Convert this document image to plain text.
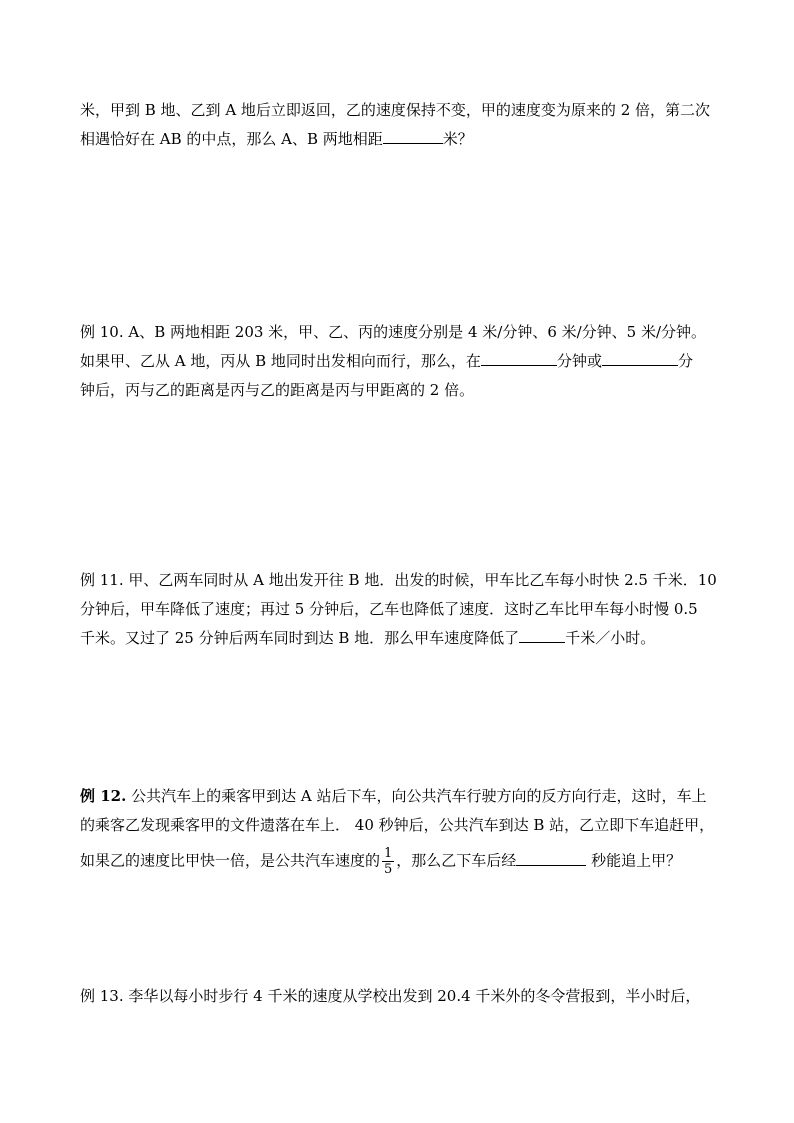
米，甲到 B 地、乙到 A 地后立即返回，乙的速度保持不变，甲的速度变为原来的 2 倍，第二次
相遇恰好在 AB 的中点，那么 A、B 两地相距	米？
例 10. A、B 两地相距 203 米，甲、乙、丙的速度分别是 4 米/分钟、6 米/分钟、5 米/分钟。
如果甲、乙从 A 地，丙从 B 地同时出发相向而行，那么，在	分钟或	分
钟后，丙与乙的距离是丙与乙的距离是丙与甲距离的 2 倍。
例 11. 甲、乙两车同时从 A 地出发开往 B 地．出发的时候，甲车比乙车每小时快 2.5 千米．10
分钟后，甲车降低了速度；再过 5 分钟后，乙车也降低了速度．这时乙车比甲车每小时慢 0.5
千米。又过了 25 分钟后两车同时到达 B 地．那么甲车速度降低了	千米／小时。
例 12. 公共汽车上的乘客甲到达 A 站后下车，向公共汽车行驶方向的反方向行走，这时，车上
的乘客乙发现乘客甲的文件遗落在车上． 40 秒钟后，公共汽车到达 B 站，乙立即下车追赶甲，
如果乙的速度比甲快一倍，是公共汽车速度的 $\frac{1}{5}$ ，那么乙下车后经	秒能追上甲？
例 13. 李华以每小时步行 4 千米的速度从学校出发到 20.4 千米外的冬令营报到，半小时后，
